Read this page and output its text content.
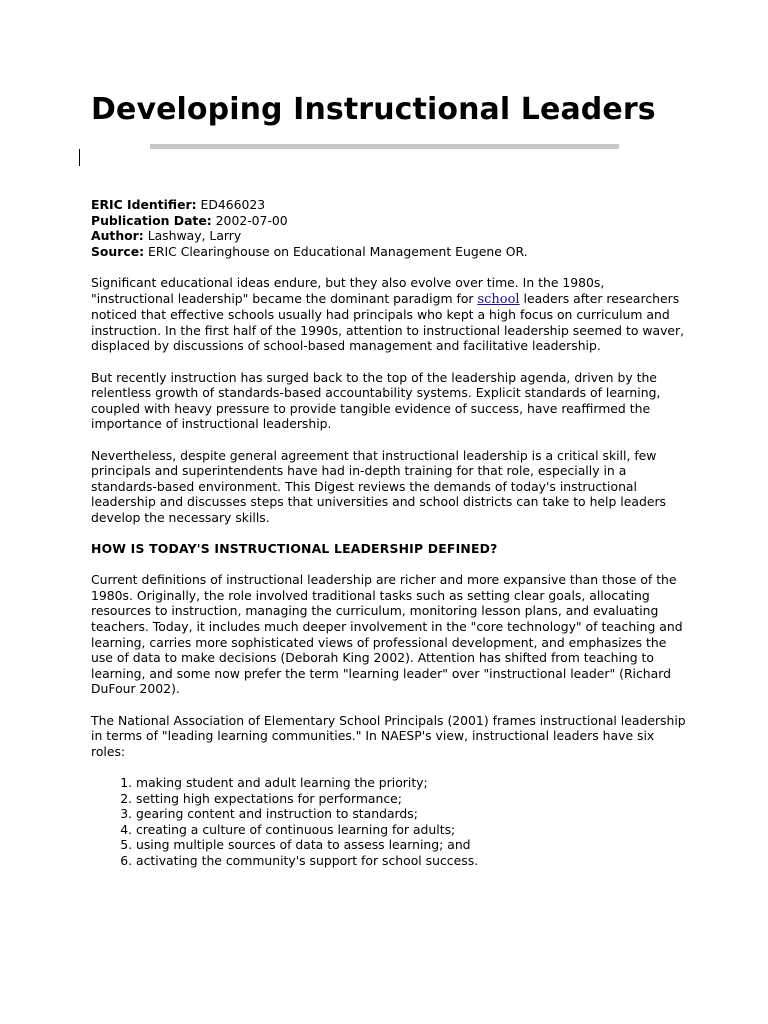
Developing Instructional Leaders
ERIC Identifier: ED466023
Publication Date: 2002-07-00
Author: Lashway, Larry
Source: ERIC Clearinghouse on Educational Management Eugene OR.

Significant educational ideas endure, but they also evolve over time. In the 1980s, "instructional leadership" became the dominant paradigm for school leaders after researchers noticed that effective schools usually had principals who kept a high focus on curriculum and instruction. In the first half of the 1990s, attention to instructional leadership seemed to waver, displaced by discussions of school-based management and facilitative leadership.

But recently instruction has surged back to the top of the leadership agenda, driven by the relentless growth of standards-based accountability systems. Explicit standards of learning, coupled with heavy pressure to provide tangible evidence of success, have reaffirmed the importance of instructional leadership.

Nevertheless, despite general agreement that instructional leadership is a critical skill, few principals and superintendents have had in-depth training for that role, especially in a standards-based environment. This Digest reviews the demands of today's instructional leadership and discusses steps that universities and school districts can take to help leaders develop the necessary skills.

HOW IS TODAY'S INSTRUCTIONAL LEADERSHIP DEFINED?

Current definitions of instructional leadership are richer and more expansive than those of the 1980s. Originally, the role involved traditional tasks such as setting clear goals, allocating resources to instruction, managing the curriculum, monitoring lesson plans, and evaluating teachers. Today, it includes much deeper involvement in the "core technology" of teaching and learning, carries more sophisticated views of professional development, and emphasizes the use of data to make decisions (Deborah King 2002). Attention has shifted from teaching to learning, and some now prefer the term "learning leader" over "instructional leader" (Richard DuFour 2002).

The National Association of Elementary School Principals (2001) frames instructional leadership in terms of "leading learning communities." In NAESP's view, instructional leaders have six roles:

1. making student and adult learning the priority;
2. setting high expectations for performance;
3. gearing content and instruction to standards;
4. creating a culture of continuous learning for adults;
5. using multiple sources of data to assess learning; and
6. activating the community's support for school success.
